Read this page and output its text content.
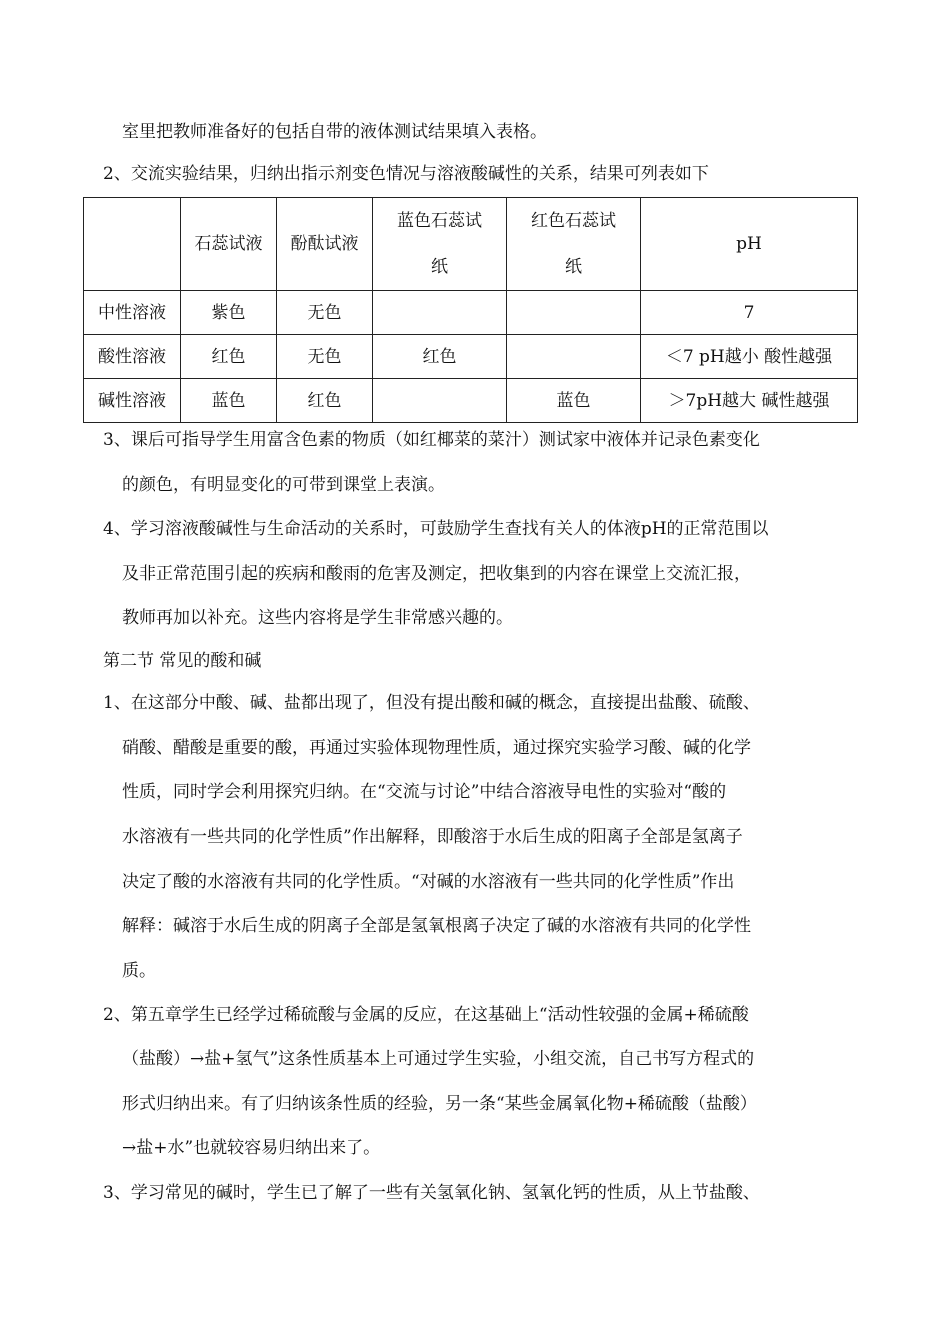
室里把教师准备好的包括自带的液体测试结果填入表格。
2、交流实验结果，归纳出指示剂变色情况与溶液酸碱性的关系，结果可列表如下
	石蕊试液	酚酞试液	蓝色石蕊试纸	红色石蕊试纸	pH
中性溶液	紫色	无色			7
酸性溶液	红色	无色	红色		＜7 pH越小 酸性越强
碱性溶液	蓝色	红色		蓝色	＞7pH越大 碱性越强
3、课后可指导学生用富含色素的物质（如红椰菜的菜汁）测试家中液体并记录色素变化
的颜色，有明显变化的可带到课堂上表演。
4、学习溶液酸碱性与生命活动的关系时，可鼓励学生查找有关人的体液pH的正常范围以
及非正常范围引起的疾病和酸雨的危害及测定，把收集到的内容在课堂上交流汇报，
教师再加以补充。这些内容将是学生非常感兴趣的。
第二节 常见的酸和碱
1、在这部分中酸、碱、盐都出现了，但没有提出酸和碱的概念，直接提出盐酸、硫酸、
硝酸、醋酸是重要的酸，再通过实验体现物理性质，通过探究实验学习酸、碱的化学
性质，同时学会利用探究归纳。在“交流与讨论”中结合溶液导电性的实验对“酸的
水溶液有一些共同的化学性质”作出解释，即酸溶于水后生成的阳离子全部是氢离子
决定了酸的水溶液有共同的化学性质。“对碱的水溶液有一些共同的化学性质”作出
解释：碱溶于水后生成的阴离子全部是氢氧根离子决定了碱的水溶液有共同的化学性
质。
2、第五章学生已经学过稀硫酸与金属的反应，在这基础上“活动性较强的金属+稀硫酸
（盐酸）→盐+氢气”这条性质基本上可通过学生实验，小组交流，自己书写方程式的
形式归纳出来。有了归纳该条性质的经验，另一条“某些金属氧化物+稀硫酸（盐酸）
→盐+水”也就较容易归纳出来了。
3、学习常见的碱时，学生已了解了一些有关氢氧化钠、氢氧化钙的性质，从上节盐酸、
